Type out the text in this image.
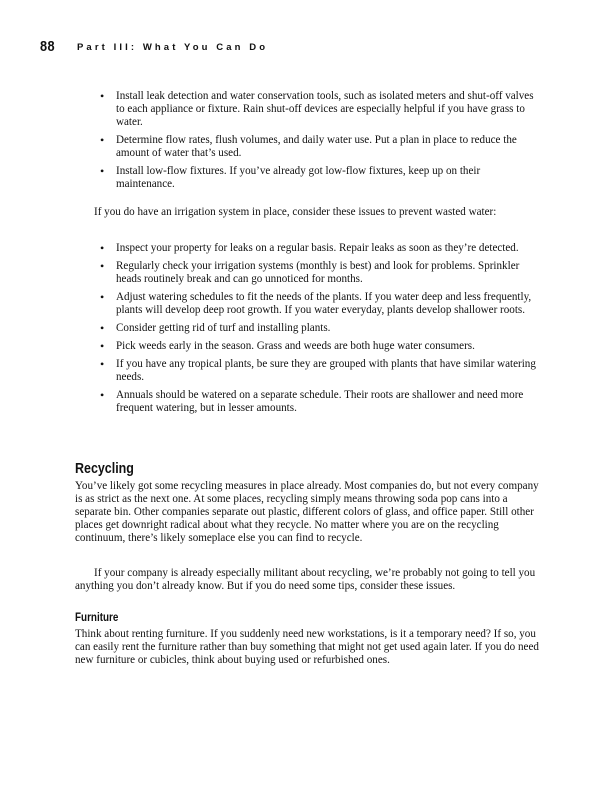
88 Part III: What You Can Do
• Install leak detection and water conservation tools, such as isolated meters and shut-off valves to each appliance or fixture. Rain shut-off devices are especially helpful if you have grass to water.
• Determine flow rates, flush volumes, and daily water use. Put a plan in place to reduce the amount of water that’s used.
• Install low-flow fixtures. If you’ve already got low-flow fixtures, keep up on their maintenance.

If you do have an irrigation system in place, consider these issues to prevent wasted water:

• Inspect your property for leaks on a regular basis. Repair leaks as soon as they’re detected.
• Regularly check your irrigation systems (monthly is best) and look for problems. Sprinkler heads routinely break and can go unnoticed for months.
• Adjust watering schedules to fit the needs of the plants. If you water deep and less frequently, plants will develop deep root growth. If you water everyday, plants develop shallower roots.
• Consider getting rid of turf and installing plants.
• Pick weeds early in the season. Grass and weeds are both huge water consumers.
• If you have any tropical plants, be sure they are grouped with plants that have similar watering needs.
• Annuals should be watered on a separate schedule. Their roots are shallower and need more frequent watering, but in lesser amounts.
Recycling

You’ve likely got some recycling measures in place already. Most companies do, but not every company is as strict as the next one. At some places, recycling simply means throwing soda pop cans into a separate bin. Other companies separate out plastic, different colors of glass, and office paper. Still other places get downright radical about what they recycle. No matter where you are on the recycling continuum, there’s likely someplace else you can find to recycle.

If your company is already especially militant about recycling, we’re probably not going to tell you anything you don’t already know. But if you do need some tips, consider these issues.

Furniture

Think about renting furniture. If you suddenly need new workstations, is it a temporary need? If so, you can easily rent the furniture rather than buy something that might not get used again later. If you do need new furniture or cubicles, think about buying used or refurbished ones.
